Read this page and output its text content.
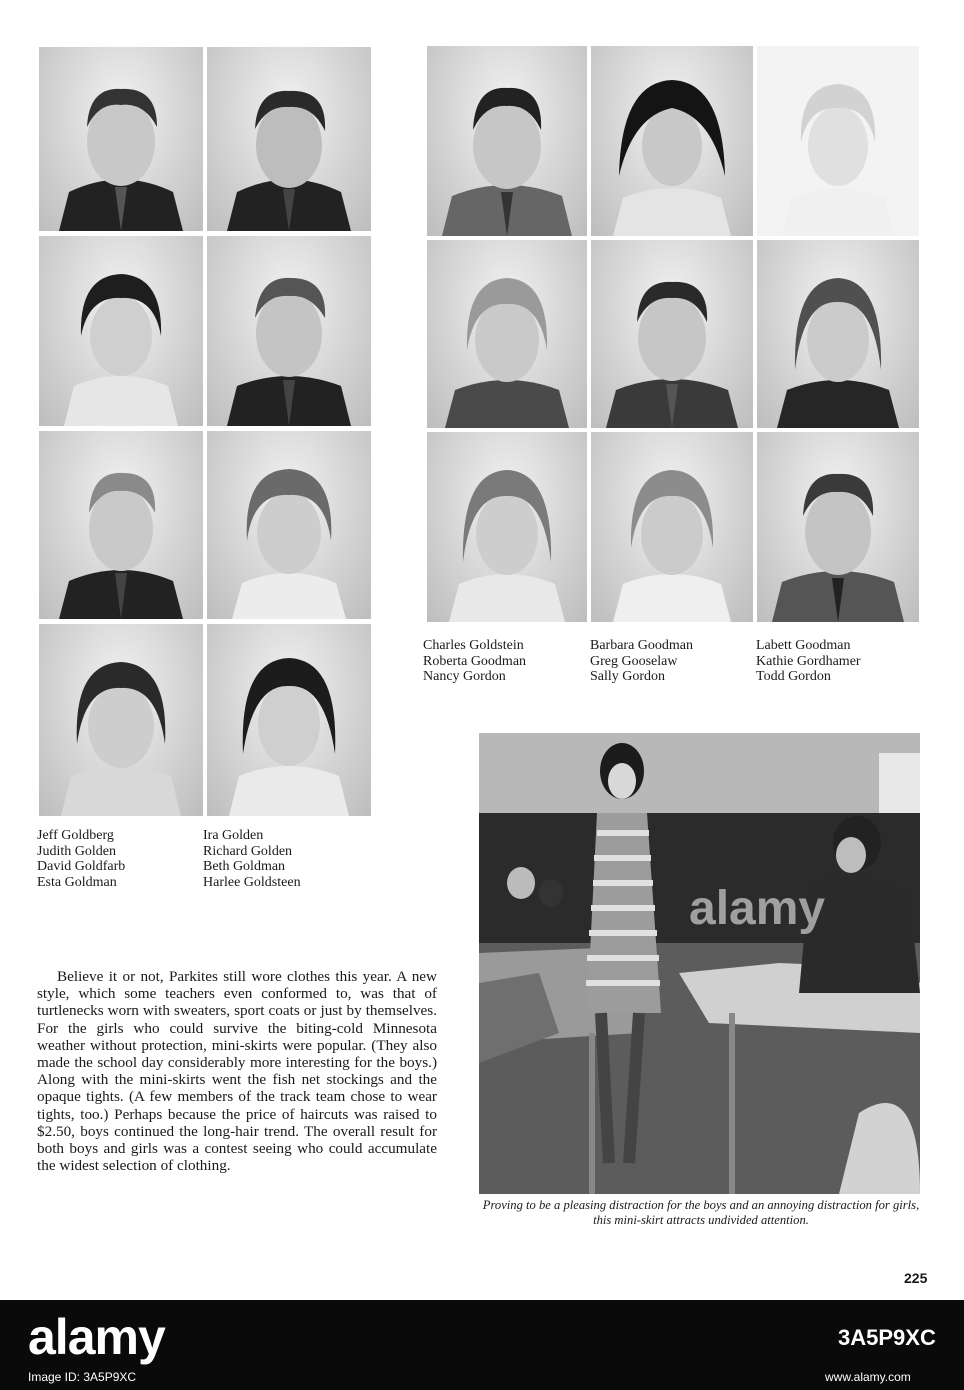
Charles Goldstein
Roberta Goodman
Nancy Gordon
Barbara Goodman
Greg Gooselaw
Sally Gordon
Labett Goodman
Kathie Gordhamer
Todd Gordon
Jeff Goldberg
Judith Golden
David Goldfarb
Esta Goldman
Ira Golden
Richard Golden
Beth Goldman
Harlee Goldsteen

Believe it or not, Parkites still wore clothes this year. A new style, which some teachers even conformed to, was that of turtlenecks worn with sweaters, sport coats or just by themselves. For the girls who could survive the biting-cold Minnesota weather without protection, mini-skirts were popular. (They also made the school day considerably more interesting for the boys.) Along with the mini-skirts went the fish net stockings and the opaque tights. (A few members of the track team chose to wear tights, too.) Perhaps because the price of haircuts was raised to $2.50, boys continued the long-hair trend. The overall result for both boys and girls was a contest seeing who could accumulate the widest selection of clothing.

alamy

Proving to be a pleasing distraction for the boys and an annoying distraction for girls, this mini-skirt attracts undivided attention.

225
alamy
Image ID: 3A5P9XC
3A5P9XC
www.alamy.com
